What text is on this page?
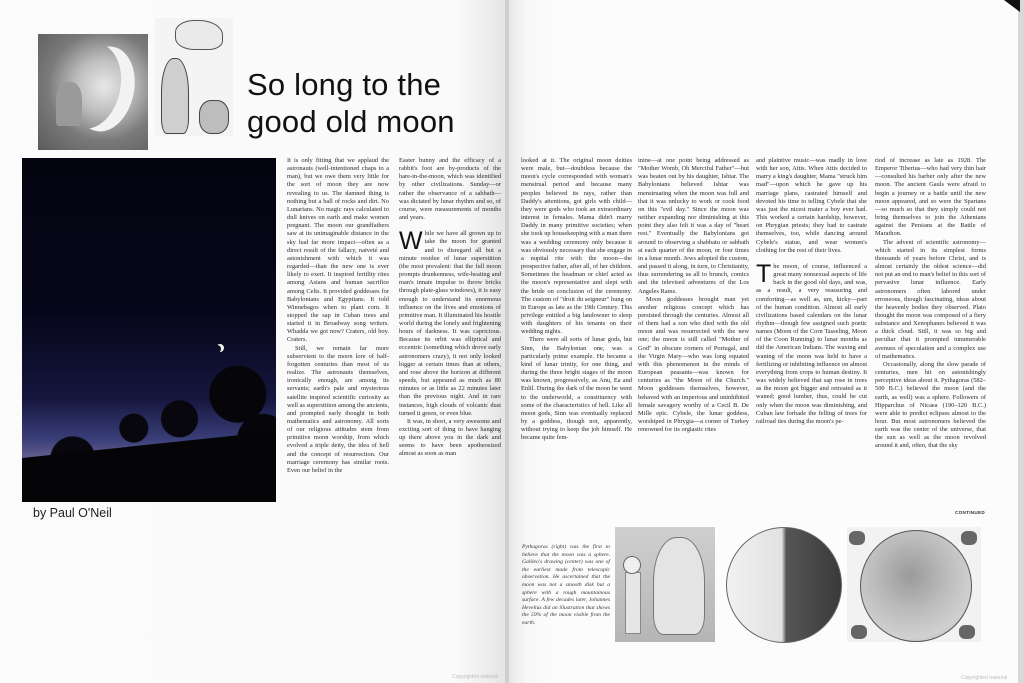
So long to the
good old moon
by Paul O'Neil

It is only fitting that we applaud the astronauts (well-intentioned chaps to a man), but we owe them very little for the sort of moon they are now revealing to us. The damned thing is nothing but a ball of rocks and dirt. No Lunarians. No magic rays calculated to dull knives on earth and make women pregnant. The moon our grandfathers saw at its unimaginable distance in the sky had far more impact—often as a direct result of the fallacy, naiveté and astonishment with which it was regarded—than the new one is ever likely to exert. It inspired fertility rites among Asians and human sacrifice among Celts. It provided goddesses for Babylonians and Egyptians. It told Winnebagos when to plant corn. It stopped the sap in Cuban trees and started it in Broadway song writers. Whadda we got now? Craters, old boy. Craters.

Still, we remain far more subservient to the moon lore of half-forgotten centuries than most of us realize. The astronauts themselves, ironically enough, are among its servants; earth's pale and mysterious satellite inspired scientific curiosity as well as superstition among the ancients, and prompted early thought in both mathematics and astronomy. All sorts of our religious attitudes stem from primitive moon worship, from which evolved a triple deity, the idea of hell and the concept of resurrection. Our marriage ceremony has similar roots. Even our belief in the

Easter bunny and the efficacy of a rabbit's foot are by-products of the hare-in-the-moon, which was identified by other civilizations. Sunday—or rather the observance of a sabbath—was dictated by lunar rhythm and so, of course, were measurements of months and years.

While we have all grown up to take the moon for granted and to disregard all but a minute residue of lunar superstition (the most prevalent: that the full moon prompts drunkenness, wife-beating and man's innate impulse to throw bricks through plate-glass windows), it is easy enough to understand its enormous influence on the lives and emotions of primitive man. It illuminated his hostile world during the lonely and frightening hours of darkness. It was capricious. Because its orbit was elliptical and eccentric (something which drove early astronomers crazy), it not only looked bigger at certain times than at others, and rose above the horizon at different speeds, but appeared as much as 80 minutes or as little as 22 minutes later than the previous night. And in rare instances, high clouds of volcanic dust turned it green, or even blue.

It was, in short, a very awesome and exciting sort of thing to have hanging up there above you in the dark and seems to have been apotheosized almost as soon as man

Copyrighted material

looked at it. The original moon deities were male, but—doubtless because the moon's cycle corresponded with woman's menstrual period and because many peoples believed its rays, rather than Daddy's attentions, got girls with child—they were gods who took an extraordinary interest in females. Mama didn't marry Daddy in many primitive societies; when she took up housekeeping with a man there was a wedding ceremony only because it was obviously necessary that she engage in a nuptial rite with the moon—the prospective father, after all, of her children. Sometimes the headman or chief acted as the moon's representative and slept with the bride on conclusion of the ceremony. The custom of "droit du seigneur" hung on in Europe as late as the 19th Century. This privilege entitled a big landowner to sleep with daughters of his tenants on their wedding nights.

There were all sorts of lunar gods, but Sinn, the Babylonian one, was a particularly prime example. He became a kind of lunar trinity, for one thing, and during the three bright stages of the moon was known, progressively, as Anu, Ea and Enlil. During the dark of the moon he went to the underworld, a constituency with some of the characteristics of hell. Like all moon gods, Sinn was eventually replaced by a goddess, though not, apparently, without trying to keep the job himself. He became quite fem-

inine—at one point being addressed as "Mother Womb, Oh Merciful Father"—but was beaten out by his daughter, Ishtar. The Babylonians believed Ishtar was menstruating when the moon was full and that it was unlucky to work or cook food on this "evil day." Since the moon was neither expanding nor diminishing at this point they also felt it was a day of "heart rest." Eventually the Babylonians got around to observing a shabbatu or sabbath at each quarter of the moon, or four times in a lunar month. Jews adopted the custom, and passed it along, in turn, to Christianity, thus surrendering us all to brunch, comics and the televised adventures of the Los Angeles Rams.

Moon goddesses brought man yet another religious concept which has persisted through the centuries. Almost all of them had a son who died with the old moon and was resurrected with the new one; the moon is still called "Mother of God" in obscure corners of Portugal, and the Virgin Mary—who was long equated with this phenomenon in the minds of European peasants—was known for centuries as "the Moon of the Church." Moon goddesses themselves, however, behaved with an imperious and uninhibited female savagery worthy of a Cecil B. De Mille epic. Cybele, the lunar goddess, worshiped in Phrygia—a corner of Turkey renowned for its orgiastic rites

and plaintive music—was madly in love with her son, Attis. When Attis decided to marry a king's daughter, Mama "struck him mad"—upon which he gave up his marriage plans, castrated himself and devoted his time to telling Cybele that she was just the nicest mater a boy ever had. This worked a certain hardship, however, on Phrygian priests; they had to castrate themselves, too, while dancing around Cybele's statue, and wear women's clothing for the rest of their lives.

The moon, of course, influenced a great many nonsexual aspects of life back in the good old days, and was, as a result, a very reassuring and comforting—as well as, um, kicky—part of the human condition. Almost all early civilizations based calendars on the lunar rhythm—though few assigned such poetic names (Moon of the Corn Tasseling, Moon of the Coon Running) to lunar months as did the American Indians. The waxing and waning of the moon was held to have a fertilizing or inhibiting influence on almost everything from crops to human destiny. It was widely believed that sap rose in trees as the moon got bigger and retreated as it waned; good lumber, thus, could be cut only when the moon was diminishing, and Cuban law forbade the felling of trees for railroad ties during the moon's pe-

riod of increase as late as 1928. The Emperor Tiberius—who had very thin hair—consulted his barber only after the new moon. The ancient Gauls were afraid to begin a journey or a battle until the new moon appeared, and so were the Spartans—so much so that they simply could not bring themselves to join the Athenians against the Persians at the Battle of Marathon.

The advent of scientific astronomy—which started in its simplest forms thousands of years before Christ, and is almost certainly the oldest science—did not put an end to man's belief in this sort of pervasive lunar influence. Early astronomers often labored under erroneous, though fascinating, ideas about the heavenly bodies they observed. Plato thought the moon was composed of a fiery substance and Xenophanes believed it was a thick cloud. Still, it was so big and peculiar that it prompted innumerable avenues of speculation and a complex use of mathematics.

Occasionally, along the slow parade of centuries, men hit on astonishingly perceptive ideas about it. Pythagoras (582–500 B.C.) believed the moon (and the earth, as well) was a sphere. Followers of Hipparchus of Nicaea (190–120 B.C.) were able to predict eclipses almost to the hour. But most astronomers believed the earth was the center of the universe, that the sun as well as the moon revolved around it and, often, that the sky

CONTINUED
Pythagoras (right) was the first to believe that the moon was a sphere. Galileo's drawing (center) was one of the earliest made from telescopic observation. He ascertained that the moon was not a smooth disk but a sphere with a rough mountainous surface. A few decades later, Johannes Hevelius did an illustration that shows the 59% of the moon visible from the earth.
Copyrighted material
